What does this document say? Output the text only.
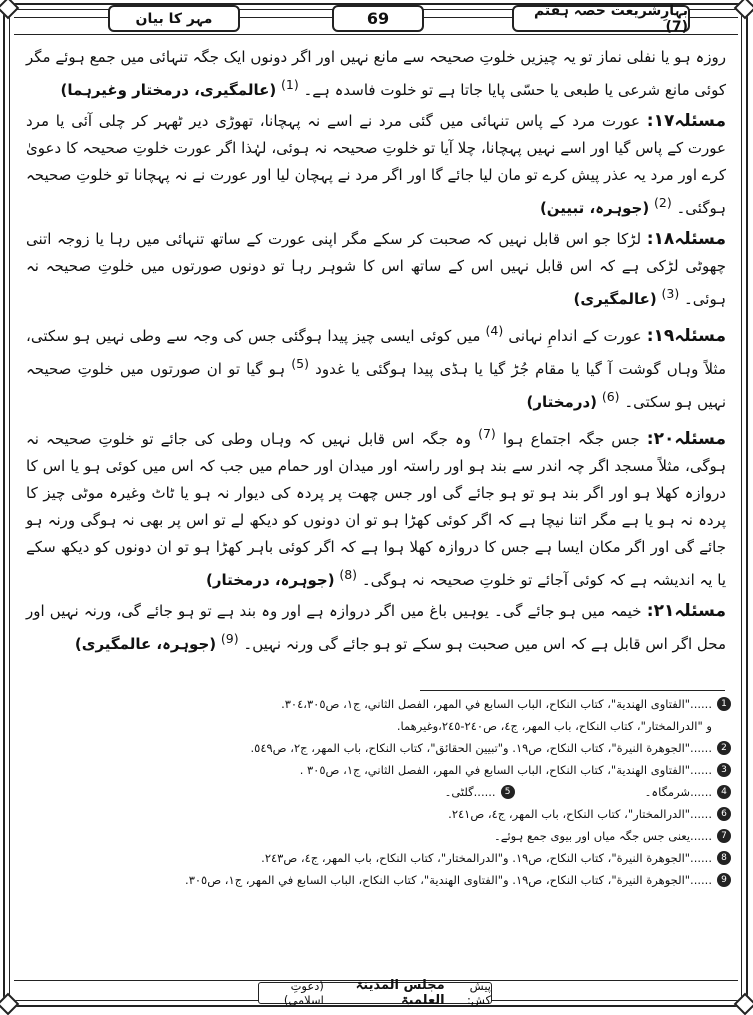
مہر کا بیان	69	بہارِشریعت حصہ ہفتم (7)

روزہ ہو یا نفلی نماز تو یہ چیزیں خلوتِ صحیحہ سے مانع نہیں اور اگر دونوں ایک جگہ تنہائی میں جمع ہوئے مگر کوئی مانع شرعی یا طبعی یا حسّی پایا جاتا ہے تو خلوت فاسدہ ہے۔ $^{(1)}$ (عالمگیری، درمختار وغیرہما)

مسئلہ۱۷: عورت مرد کے پاس تنہائی میں گئی مرد نے اسے نہ پہچانا، تھوڑی دیر ٹھہر کر چلی آئی یا مرد عورت کے پاس گیا اور اسے نہیں پہچانا، چلا آیا تو خلوتِ صحیحہ نہ ہوئی، لہٰذا اگر عورت خلوتِ صحیحہ کا دعویٰ کرے اور مرد یہ عذر پیش کرے تو مان لیا جائے گا اور اگر مرد نے پہچان لیا اور عورت نے نہ پہچانا تو خلوتِ صحیحہ ہوگئی۔ $^{(2)}$ (جوہرہ، تبیین)

مسئلہ۱۸: لڑکا جو اس قابل نہیں کہ صحبت کر سکے مگر اپنی عورت کے ساتھ تنہائی میں رہا یا زوجہ اتنی چھوٹی لڑکی ہے کہ اس قابل نہیں اس کے ساتھ اس کا شوہر رہا تو دونوں صورتوں میں خلوتِ صحیحہ نہ ہوئی۔ $^{(3)}$ (عالمگیری)

مسئلہ۱۹: عورت کے اندامِ نہانی $^{(4)}$ میں کوئی ایسی چیز پیدا ہوگئی جس کی وجہ سے وطی نہیں ہو سکتی، مثلاً وہاں گوشت آ گیا یا مقام جُڑ گیا یا ہڈی پیدا ہوگئی یا غدود $^{(5)}$ ہو گیا تو ان صورتوں میں خلوتِ صحیحہ نہیں ہو سکتی۔ $^{(6)}$ (درمختار)

مسئلہ۲۰: جس جگہ اجتماع ہوا $^{(7)}$ وہ جگہ اس قابل نہیں کہ وہاں وطی کی جائے تو خلوتِ صحیحہ نہ ہوگی، مثلاً مسجد اگر چہ اندر سے بند ہو اور راستہ اور میدان اور حمام میں جب کہ اس میں کوئی ہو یا اس کا دروازہ کھلا ہو اور اگر بند ہو تو ہو جائے گی اور جس چھت پر پردہ کی دیوار نہ ہو یا ٹاٹ وغیرہ موٹی چیز کا پردہ نہ ہو یا ہے مگر اتنا نیچا ہے کہ اگر کوئی کھڑا ہو تو ان دونوں کو دیکھ لے تو اس پر بھی نہ ہوگی ورنہ ہو جائے گی اور اگر مکان ایسا ہے جس کا دروازہ کھلا ہوا ہے کہ اگر کوئی باہر کھڑا ہو تو ان دونوں کو دیکھ سکے یا یہ اندیشہ ہے کہ کوئی آجائے تو خلوتِ صحیحہ نہ ہوگی۔ $^{(8)}$ (جوہرہ، درمختار)

مسئلہ۲۱: خیمہ میں ہو جائے گی۔ یوہیں باغ میں اگر دروازہ ہے اور وہ بند ہے تو ہو جائے گی، ورنہ نہیں اور محل اگر اس قابل ہے کہ اس میں صحبت ہو سکے تو ہو جائے گی ورنہ نہیں۔ $^{(9)}$ (جوہرہ، عالمگیری)

1
......"الفتاوى الهندية"، كتاب النكاح، الباب السابع في المهر، الفصل الثاني، ج١، ص٣٠٤،٣٠٥.
و "الدرالمختار"، كتاب النكاح، باب المهر، ج٤، ص٢٤٠-٢٤٥،وغيرهما.
2
......"الجوهرة النيرة"، كتاب النكاح، ص١٩. و"تبيين الحقائق"، كتاب النكاح، باب المهر، ج٢، ص٥٤٩.
3
......"الفتاوى الهندية"، كتاب النكاح، الباب السابع في المهر، الفصل الثاني، ج١، ص٣٠٥ .
4
......شرمگاہ۔
5
......گلٹی۔
6
......"الدرالمختار"، كتاب النكاح، باب المهر، ج٤، ص٢٤١.
7
......یعنی جس جگہ میاں اور بیوی جمع ہوئے۔
8
......"الجوهرة النيرة"، كتاب النكاح، ص١٩. و"الدرالمختار"، كتاب النكاح، باب المهر، ج٤، ص٢٤٣.
9
......"الجوهرة النيرة"، كتاب النكاح، ص١٩. و"الفتاوى الهندية"، كتاب النكاح، الباب السابع في المهر، ج١، ص٣٠٥.
پیش کش:
مجلس المدینۃ العلمیۃ
(دعوتِ اسلامی)
